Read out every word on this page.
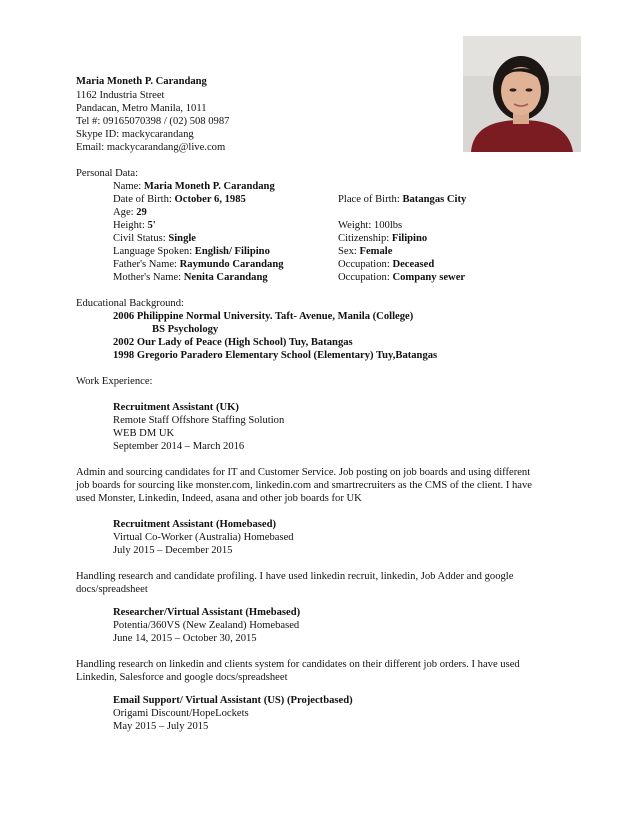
Maria Moneth P. Carandang
1162 Industria Street
Pandacan, Metro Manila, 1011
Tel #: 09165070398 / (02) 508 0987
Skype ID: mackycarandang
Email: mackycarandang@live.com
Personal Data:
Name: Maria Moneth P. Carandang
Date of Birth: October 6, 1985	Place of Birth: Batangas City
Age: 29
Height: 5'	Weight: 100lbs
Civil Status: Single	Citizenship: Filipino
Language Spoken: English/ Filipino	Sex: Female
Father's Name: Raymundo Carandang	Occupation: Deceased
Mother's Name: Nenita Carandang	Occupation: Company sewer
Educational Background:
2006 Philippine Normal University. Taft- Avenue, Manila (College)
BS Psychology
2002 Our Lady of Peace (High School) Tuy, Batangas
1998 Gregorio Paradero Elementary School (Elementary) Tuy,Batangas
Work Experience:
Recruitment Assistant (UK)
Remote Staff Offshore Staffing Solution
WEB DM UK
September 2014 – March 2016
Admin and sourcing candidates for IT and Customer Service. Job posting on job boards and using different
job boards for sourcing like monster.com, linkedin.com and smartrecruiters as the CMS of the client. I have
used Monster, Linkedin, Indeed, asana and other job boards for UK
Recruitment Assistant (Homebased)
Virtual Co-Worker (Australia) Homebased
July 2015 – December 2015
Handling research and candidate profiling. I have used linkedin recruit, linkedin, Job Adder and google
docs/spreadsheet
Researcher/Virtual Assistant (Hmebased)
Potentia/360VS (New Zealand) Homebased
June 14, 2015 – October 30, 2015
Handling research on linkedin and clients system for candidates on their different job orders. I have used
Linkedin, Salesforce and google docs/spreadsheet
Email Support/ Virtual Assistant (US) (Projectbased)
Origami Discount/HopeLockets
May 2015 – July 2015
